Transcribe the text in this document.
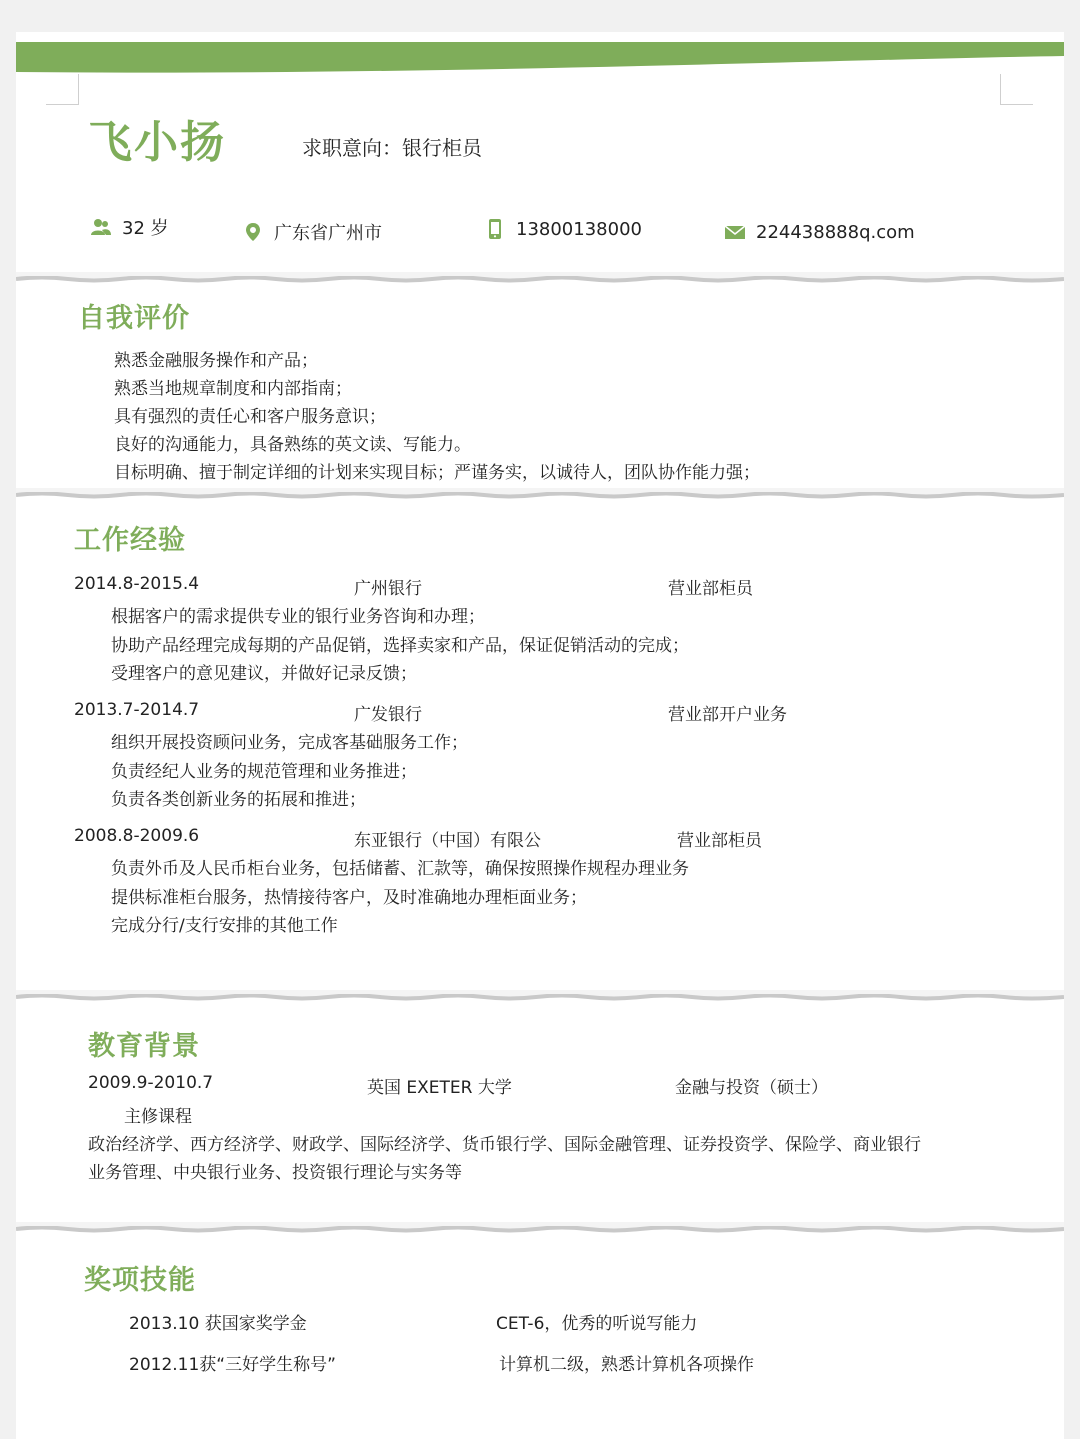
飞小扬	求职意向：银行柜员
32 岁	广东省广州市	13800138000	224438888q.com
自我评价
熟悉金融服务操作和产品；
熟悉当地规章制度和内部指南；
具有强烈的责任心和客户服务意识；
良好的沟通能力，具备熟练的英文读、写能力。
目标明确、擅于制定详细的计划来实现目标；严谨务实，以诚待人，团队协作能力强；
工作经验
2014.8-2015.4	广州银行	营业部柜员
根据客户的需求提供专业的银行业务咨询和办理；
协助产品经理完成每期的产品促销，选择卖家和产品，保证促销活动的完成；
受理客户的意见建议，并做好记录反馈；
2013.7-2014.7	广发银行	营业部开户业务
组织开展投资顾问业务，完成客基础服务工作；
负责经纪人业务的规范管理和业务推进；
负责各类创新业务的拓展和推进；
2008.8-2009.6	东亚银行（中国）有限公	营业部柜员
负责外币及人民币柜台业务，包括储蓄、汇款等，确保按照操作规程办理业务
提供标准柜台服务，热情接待客户，及时准确地办理柜面业务；
完成分行/支行安排的其他工作
教育背景
2009.9-2010.7	英国 EXETER 大学	金融与投资（硕士）
主修课程
政治经济学、西方经济学、财政学、国际经济学、货币银行学、国际金融管理、证券投资学、保险学、商业银行
业务管理、中央银行业务、投资银行理论与实务等
奖项技能
2013.10 获国家奖学金	CET-6，优秀的听说写能力
2012.11获“三好学生称号”	计算机二级，熟悉计算机各项操作
